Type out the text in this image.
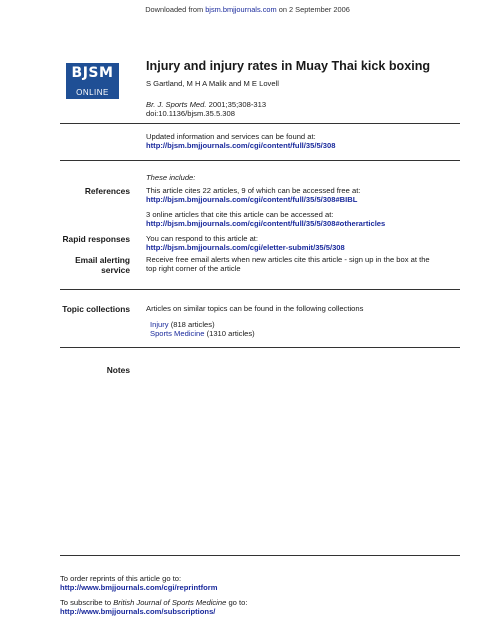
Downloaded from bjsm.bmjjournals.com on 2 September 2006
BJSM
ONLINE
Injury and injury rates in Muay Thai kick boxing
S Gartland, M H A Malik and M E Lovell
Br. J. Sports Med. 2001;35;308-313
doi:10.1136/bjsm.35.5.308
Updated information and services can be found at:
http://bjsm.bmjjournals.com/cgi/content/full/35/5/308
These include:
References This article cites 22 articles, 9 of which can be accessed free at:
http://bjsm.bmjjournals.com/cgi/content/full/35/5/308#BIBL
3 online articles that cite this article can be accessed at:
http://bjsm.bmjjournals.com/cgi/content/full/35/5/308#otherarticles
Rapid responses You can respond to this article at:
http://bjsm.bmjjournals.com/cgi/eletter-submit/35/5/308
Email alerting
service
Receive free email alerts when new articles cite this article - sign up in the box at the
top right corner of the article
Topic collections Articles on similar topics can be found in the following collections
Injury (818 articles)
Sports Medicine (1310 articles)
Notes
To order reprints of this article go to:
http://www.bmjjournals.com/cgi/reprintform
To subscribe to British Journal of Sports Medicine go to:
http://www.bmjjournals.com/subscriptions/
